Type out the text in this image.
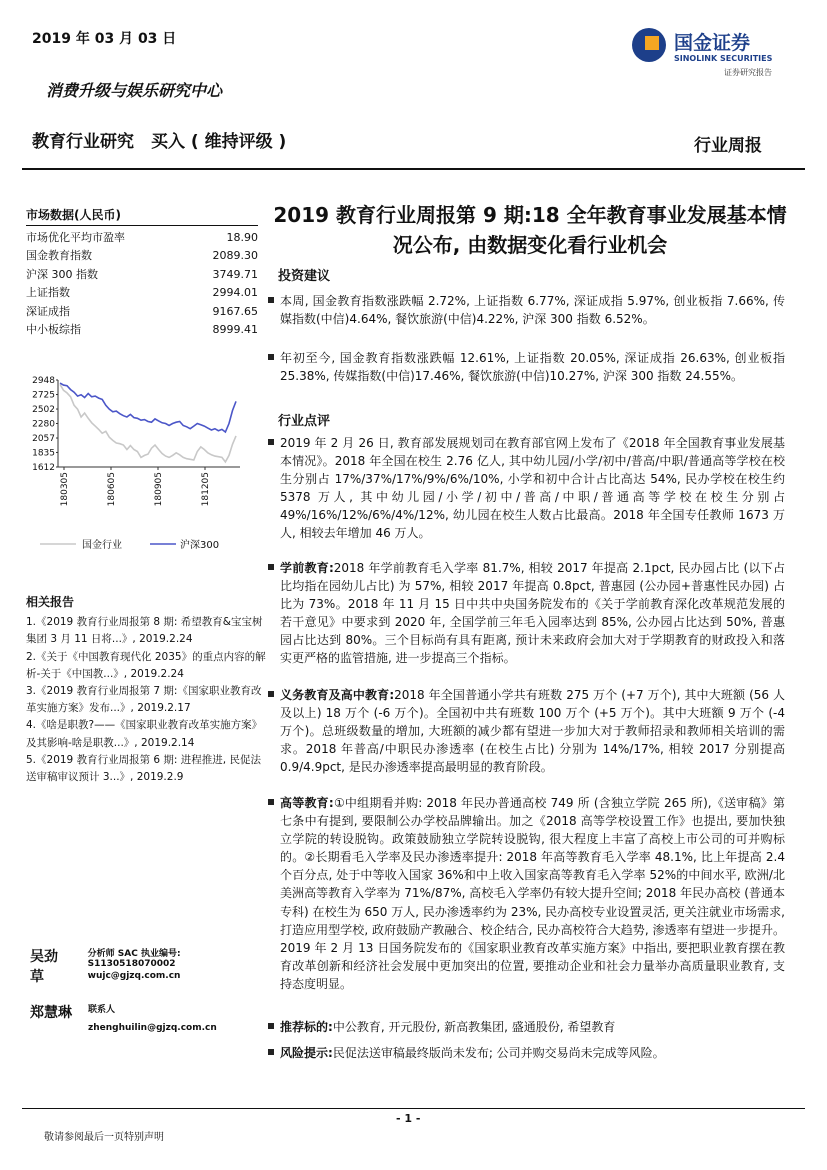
2019 年 03 月 03 日	国金证券
SINOLINK SECURITIES
证券研究报告
消费升级与娱乐研究中心
教育行业研究　买入 ( 维持评级 )	行业周报
市场数据(人民币)
市场优化平均市盈率	18.90
国金教育指数	2089.30
沪深 300 指数	3749.71
上证指数	2994.01
深证成指	9167.65
中小板综指	8999.41
2948
2725
2502
2280
2057
1835
1612
180305	180605	180905	181205
国金行业	沪深300
相关报告
1.《2019 教育行业周报第 8 期: 希望教育&宝宝树集团 3 月 11 日将...》, 2019.2.24
2.《关于《中国教育现代化 2035》的重点内容的解析-关于《中国教...》, 2019.2.24
3.《2019 教育行业周报第 7 期:《国家职业教育改革实施方案》发布...》, 2019.2.17
4.《啥是职教?——《国家职业教育改革实施方案》及其影响-啥是职教...》, 2019.2.14
5.《2019 教育行业周报第 6 期: 进程推进, 民促法送审稿审议预计 3...》, 2019.2.9
吴劲草
分析师 SAC 执业编号: S1130518070002
wujc@gjzq.com.cn
郑慧琳 联系人
zhenghuilin@gjzq.com.cn
2019 教育行业周报第 9 期:18 全年教育事业发展基本情况公布, 由数据变化看行业机会
投资建议
本周, 国金教育指数涨跌幅 2.72%, 上证指数 6.77%, 深证成指 5.97%, 创业板指 7.66%, 传媒指数(中信)4.64%, 餐饮旅游(中信)4.22%, 沪深 300 指数 6.52%。
年初至今, 国金教育指数涨跌幅 12.61%, 上证指数 20.05%, 深证成指 26.63%, 创业板指 25.38%, 传媒指数(中信)17.46%, 餐饮旅游(中信)10.27%, 沪深 300 指数 24.55%。
行业点评
2019 年 2 月 26 日, 教育部发展规划司在教育部官网上发布了《2018 年全国教育事业发展基本情况》。2018 年全国在校生 2.76 亿人, 其中幼儿园/小学/初中/普高/中职/普通高等学校在校生分别占 17%/37%/17%/9%/6%/10%, 小学和初中合计占比高达 54%, 民办学校在校生约 5378 万人, 其中幼儿园/小学/初中/普高/中职/普通高等学校在校生分别占 49%/16%/12%/6%/4%/12%, 幼儿园在校生人数占比最高。2018 年全国专任教师 1673 万人, 相较去年增加 46 万人。
学前教育:2018 年学前教育毛入学率 81.7%, 相较 2017 年提高 2.1pct, 民办园占比 (以下占比均指在园幼儿占比) 为 57%, 相较 2017 年提高 0.8pct, 普惠园 (公办园+普惠性民办园) 占比为 73%。2018 年 11 月 15 日中共中央国务院发布的《关于学前教育深化改革规范发展的若干意见》中要求到 2020 年, 全国学前三年毛入园率达到 85%, 公办园占比达到 50%, 普惠园占比达到 80%。三个目标尚有具有距离, 预计未来政府会加大对于学期教育的财政投入和落实更严格的监管措施, 进一步提高三个指标。
义务教育及高中教育:2018 年全国普通小学共有班数 275 万个 (+7 万个), 其中大班额 (56 人及以上) 18 万个 (-6 万个)。全国初中共有班数 100 万个 (+5 万个)。其中大班额 9 万个 (-4 万个)。总班级数量的增加, 大班额的减少都有望进一步加大对于教师招录和教师相关培训的需求。2018 年普高/中职民办渗透率 (在校生占比) 分别为 14%/17%, 相较 2017 分别提高 0.9/4.9pct, 是民办渗透率提高最明显的教育阶段。
高等教育:①中组期看并购: 2018 年民办普通高校 749 所 (含独立学院 265 所),《送审稿》第七条中有提到, 要限制公办学校品牌输出。加之《2018 高等学校设置工作》也提出, 要加快独立学院的转设脱钩。政策鼓励独立学院转设脱钩, 很大程度上丰富了高校上市公司的可并购标的。②长期看毛入学率及民办渗透率提升: 2018 年高等教育毛入学率 48.1%, 比上年提高 2.4 个百分点, 处于中等收入国家 36%和中上收入国家高等教育毛入学率 52%的中间水平, 欧洲/北美洲高等教育入学率为 71%/87%, 高校毛入学率仍有较大提升空间; 2018 年民办高校 (普通本专科) 在校生为 650 万人, 民办渗透率约为 23%, 民办高校专业设置灵活, 更关注就业市场需求, 打造应用型学校, 政府鼓励产教融合、校企结合, 民办高校符合大趋势, 渗透率有望进一步提升。2019 年 2 月 13 日国务院发布的《国家职业教育改革实施方案》中指出, 要把职业教育摆在教育改革创新和经济社会发展中更加突出的位置, 要推动企业和社会力量举办高质量职业教育, 支持态度明显。
推荐标的:中公教育, 开元股份, 新高教集团, 盛通股份, 希望教育
风险提示:民促法送审稿最终版尚未发布; 公司并购交易尚未完成等风险。
- 1 -
敬请参阅最后一页特别声明
